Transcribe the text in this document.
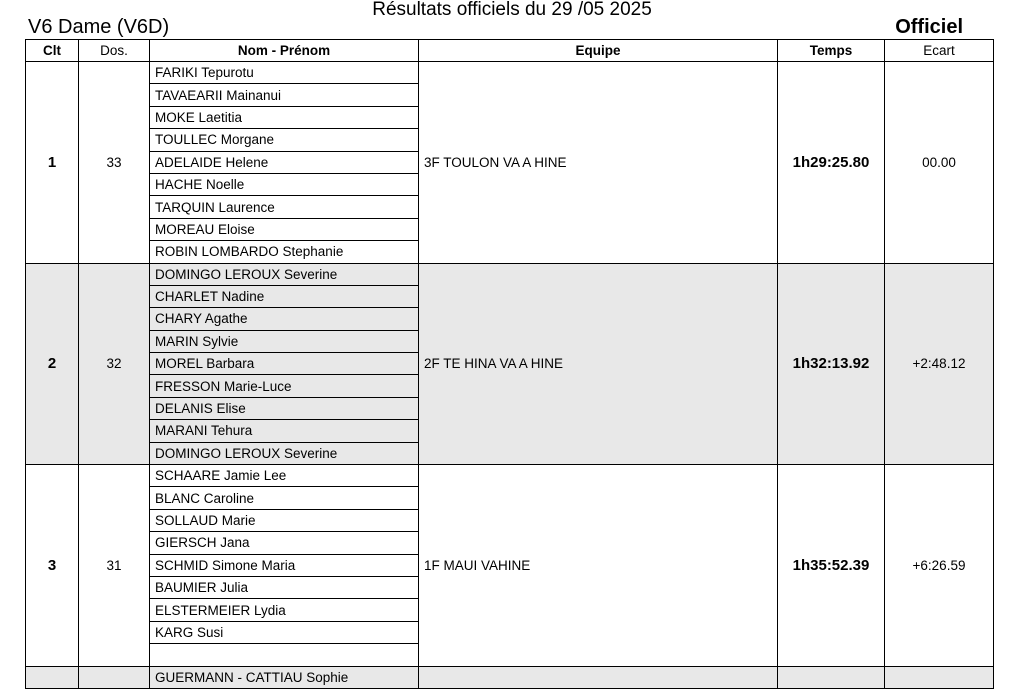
Résultats officiels du 29 /05 2025
V6 Dame (V6D)	Officiel
Clt	Dos.	Nom - Prénom	Equipe	Temps	Ecart
1	33	FARIKI Tepurotu	3F TOULON VA A HINE	1h29:25.80	00.00
		TAVAEARII Mainanui			
		MOKE Laetitia			
		TOULLEC Morgane			
		ADELAIDE Helene			
		HACHE Noelle			
		TARQUIN Laurence			
		MOREAU Eloise			
		ROBIN LOMBARDO Stephanie			
2	32	DOMINGO LEROUX Severine	2F TE HINA VA A HINE	1h32:13.92	+2:48.12
		CHARLET Nadine			
		CHARY Agathe			
		MARIN Sylvie			
		MOREL Barbara			
		FRESSON Marie-Luce			
		DELANIS Elise			
		MARANI Tehura			
		DOMINGO LEROUX Severine			
3	31	SCHAARE Jamie Lee	1F MAUI VAHINE	1h35:52.39	+6:26.59
		BLANC Caroline			
		SOLLAUD Marie			
		GIERSCH Jana			
		SCHMID Simone Maria			
		BAUMIER Julia			
		ELSTERMEIER Lydia			
		KARG Susi			

		GUERMANN - CATTIAU Sophie			
